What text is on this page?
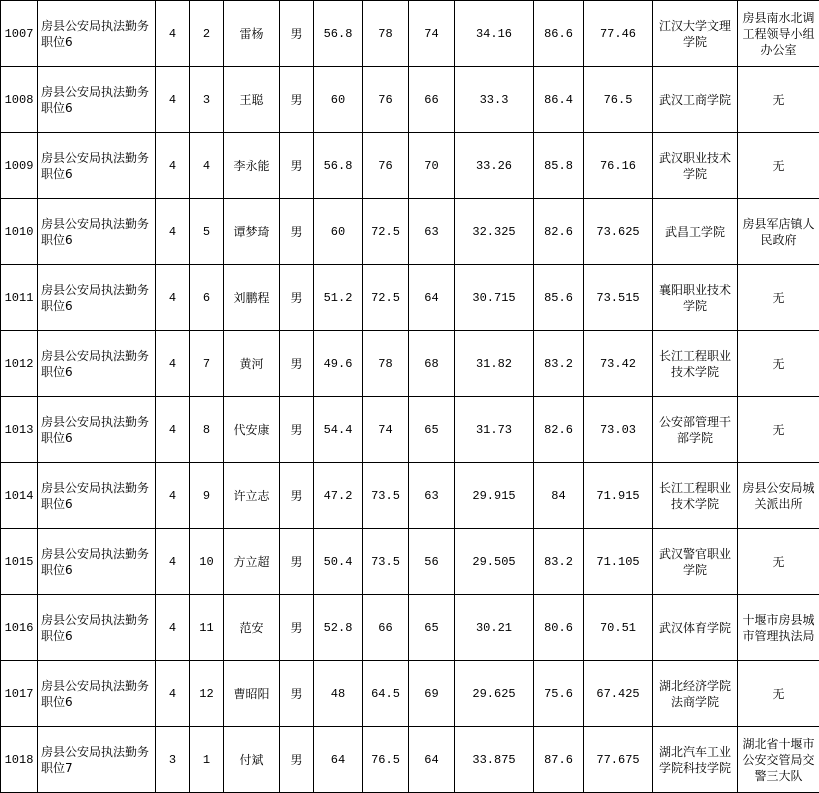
1007	房县公安局执法勤务职位6	4	2	雷杨	男	56.8	78	74	34.16	86.6	77.46	江汉大学文理学院	房县南水北调工程领导小组办公室
1008	房县公安局执法勤务职位6	4	3	王聪	男	60	76	66	33.3	86.4	76.5	武汉工商学院	无
1009	房县公安局执法勤务职位6	4	4	李永能	男	56.8	76	70	33.26	85.8	76.16	武汉职业技术学院	无
1010	房县公安局执法勤务职位6	4	5	谭梦琦	男	60	72.5	63	32.325	82.6	73.625	武昌工学院	房县军店镇人民政府
1011	房县公安局执法勤务职位6	4	6	刘鹏程	男	51.2	72.5	64	30.715	85.6	73.515	襄阳职业技术学院	无
1012	房县公安局执法勤务职位6	4	7	黄河	男	49.6	78	68	31.82	83.2	73.42	长江工程职业技术学院	无
1013	房县公安局执法勤务职位6	4	8	代安康	男	54.4	74	65	31.73	82.6	73.03	公安部管理干部学院	无
1014	房县公安局执法勤务职位6	4	9	许立志	男	47.2	73.5	63	29.915	84	71.915	长江工程职业技术学院	房县公安局城关派出所
1015	房县公安局执法勤务职位6	4	10	方立超	男	50.4	73.5	56	29.505	83.2	71.105	武汉警官职业学院	无
1016	房县公安局执法勤务职位6	4	11	范安	男	52.8	66	65	30.21	80.6	70.51	武汉体育学院	十堰市房县城市管理执法局
1017	房县公安局执法勤务职位6	4	12	曹昭阳	男	48	64.5	69	29.625	75.6	67.425	湖北经济学院法商学院	无
1018	房县公安局执法勤务职位7	3	1	付斌	男	64	76.5	64	33.875	87.6	77.675	湖北汽车工业学院科技学院	湖北省十堰市公安交管局交警三大队
